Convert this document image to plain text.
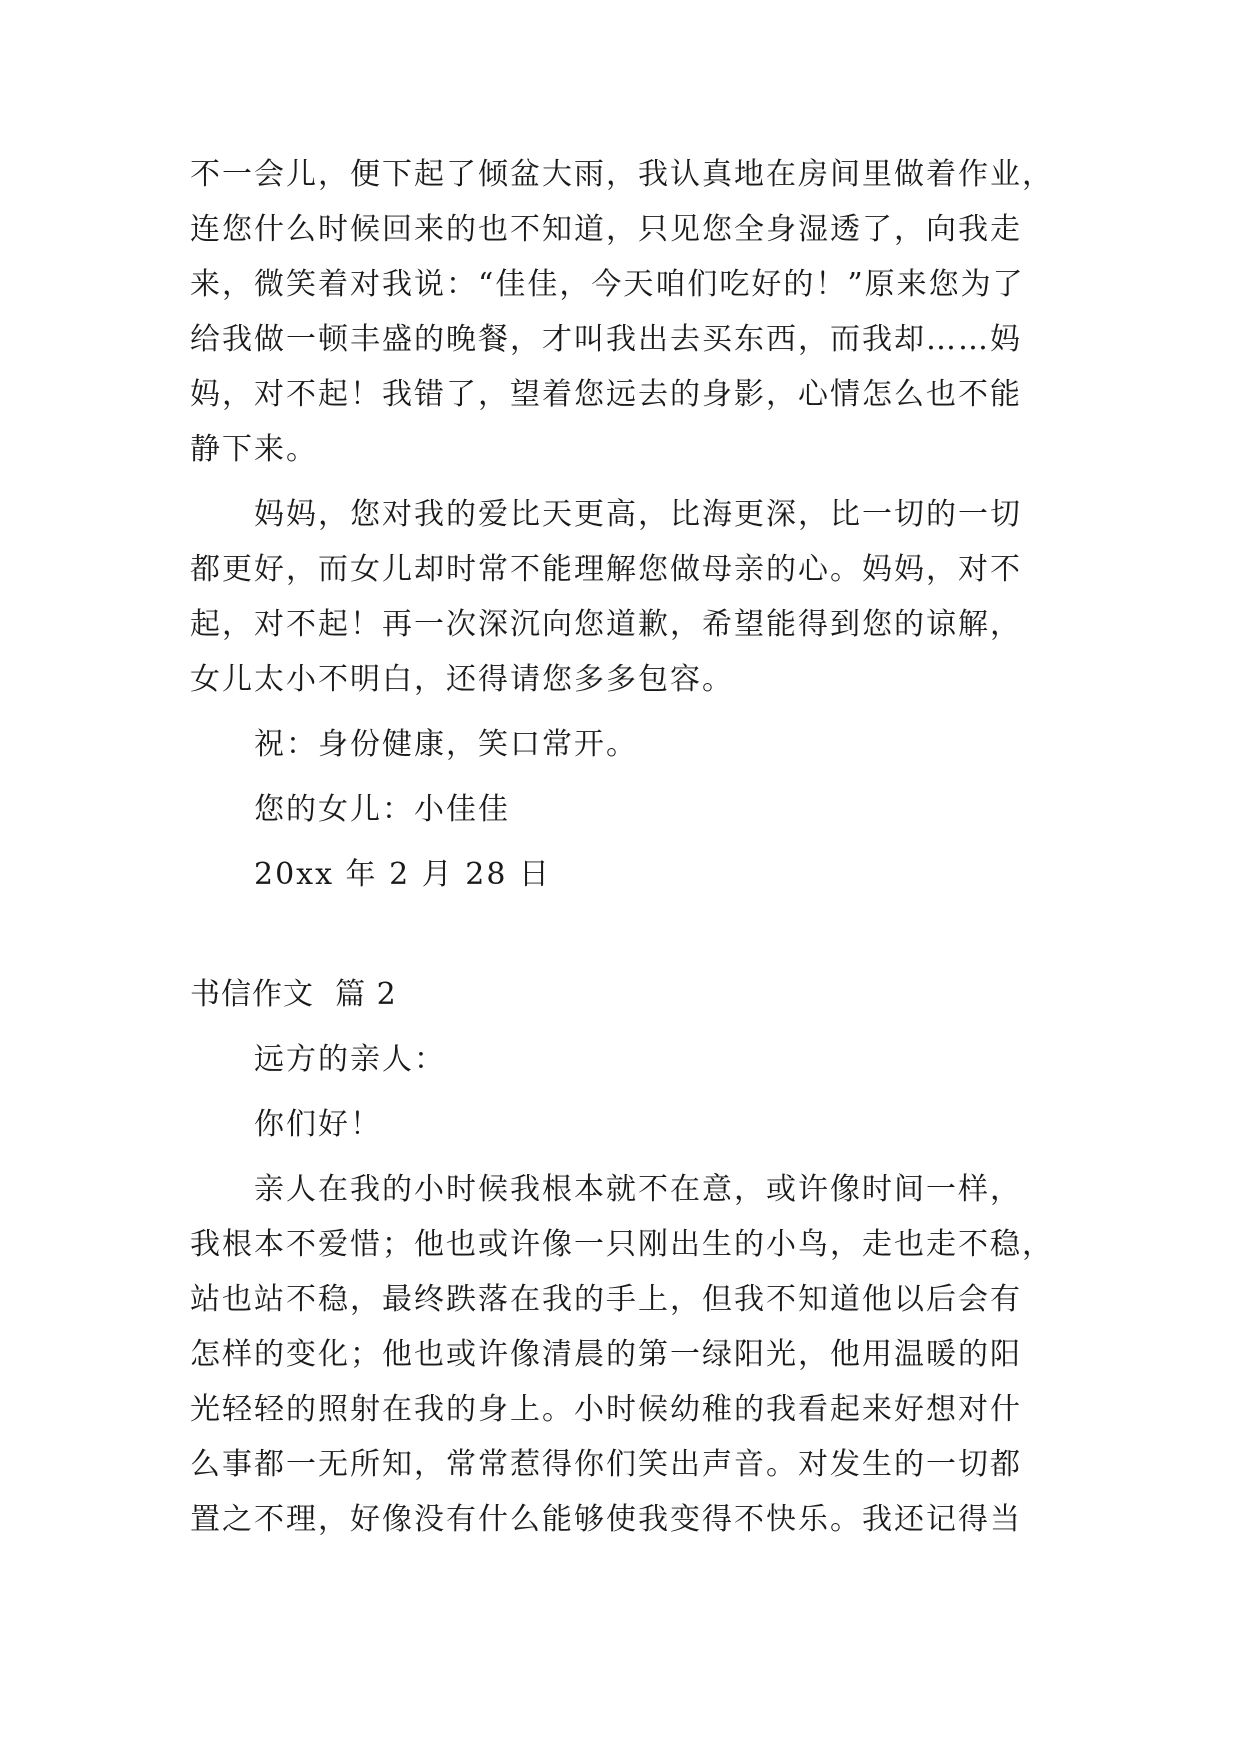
不一会儿，便下起了倾盆大雨，我认真地在房间里做着作业，
连您什么时候回来的也不知道，只见您全身湿透了，向我走
来，微笑着对我说：“佳佳，今天咱们吃好的！”原来您为了
给我做一顿丰盛的晚餐，才叫我出去买东西，而我却……妈
妈，对不起！我错了，望着您远去的身影，心情怎么也不能
静下来。
妈妈，您对我的爱比天更高，比海更深，比一切的一切
都更好，而女儿却时常不能理解您做母亲的心。妈妈，对不
起，对不起！再一次深沉向您道歉，希望能得到您的谅解，
女儿太小不明白，还得请您多多包容。
祝：身份健康，笑口常开。
您的女儿：小佳佳
20xx 年 2 月 28 日
书信作文  篇 2
远方的亲人：
你们好！
亲人在我的小时候我根本就不在意，或许像时间一样，
我根本不爱惜；他也或许像一只刚出生的小鸟，走也走不稳，
站也站不稳，最终跌落在我的手上，但我不知道他以后会有
怎样的变化；他也或许像清晨的第一绿阳光，他用温暖的阳
光轻轻的照射在我的身上。小时候幼稚的我看起来好想对什
么事都一无所知，常常惹得你们笑出声音。对发生的一切都
置之不理，好像没有什么能够使我变得不快乐。我还记得当
